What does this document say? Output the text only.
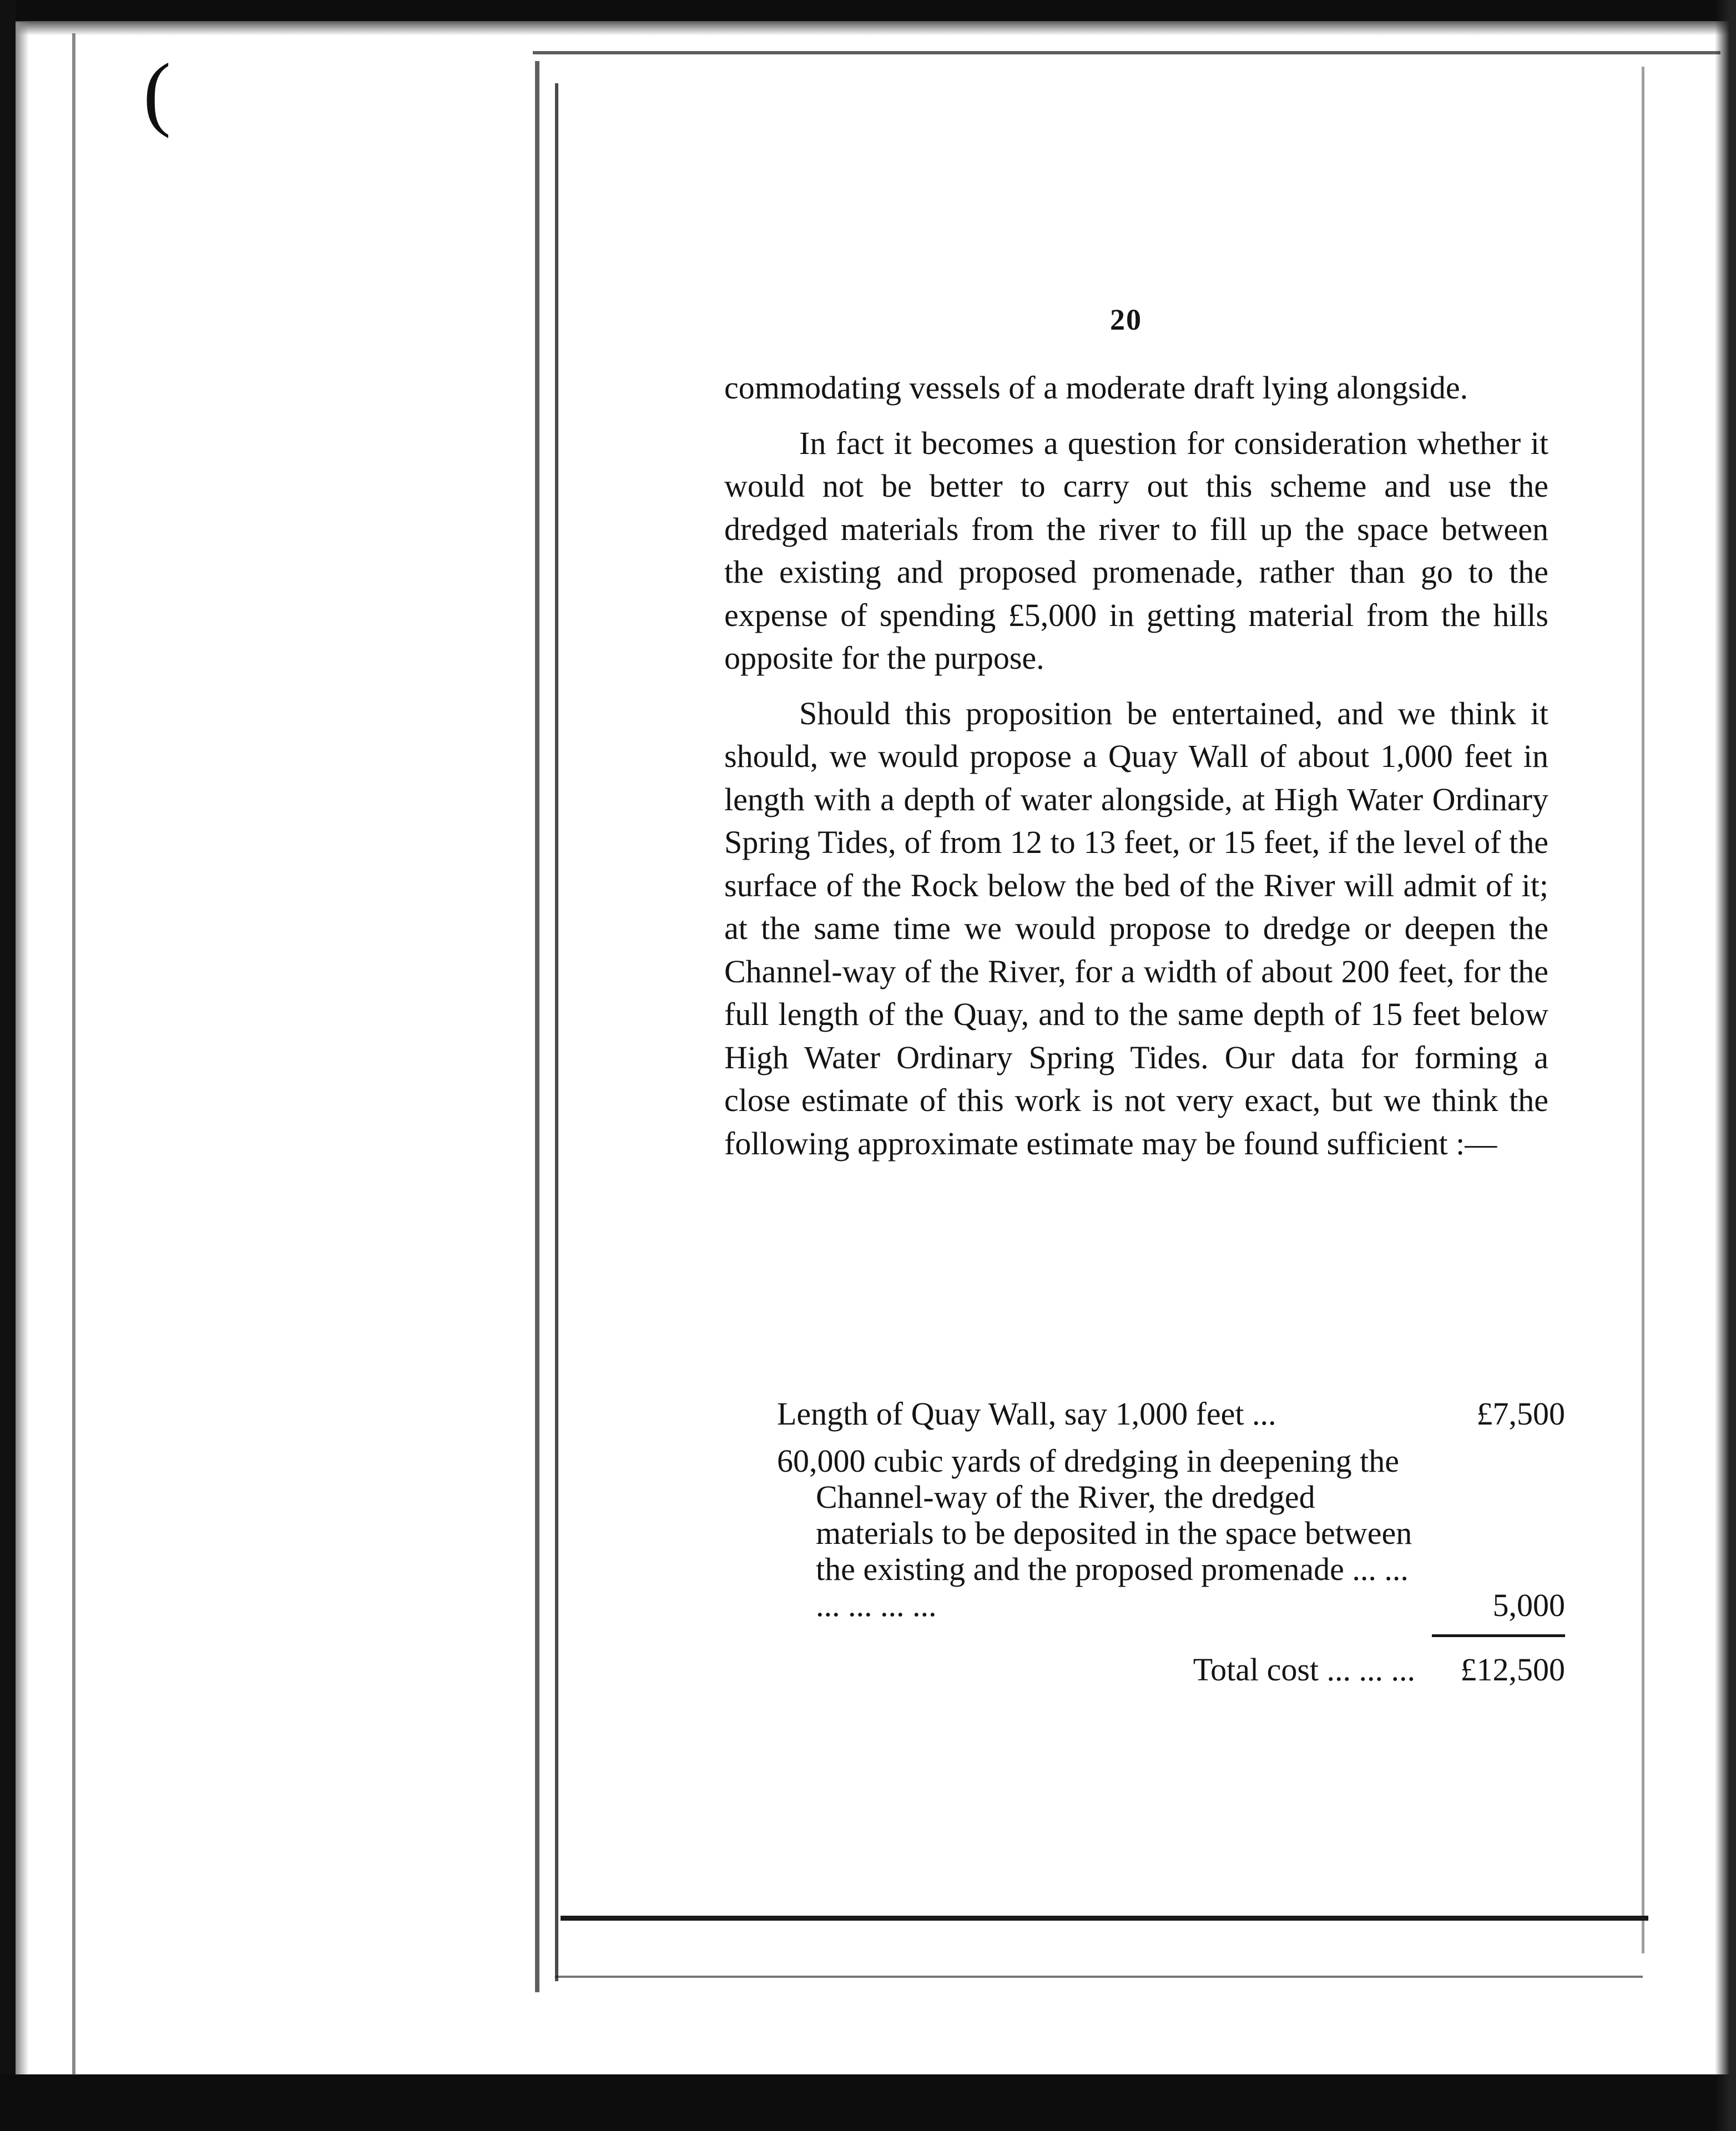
(
20

commodating vessels of a moderate draft lying alongside.

In fact it becomes a question for consideration whether it would not be better to carry out this scheme and use the dredged materials from the river to fill up the space between the existing and proposed promenade, rather than go to the expense of spending £5,000 in getting material from the hills opposite for the purpose.

Should this proposition be entertained, and we think it should, we would propose a Quay Wall of about 1,000 feet in length with a depth of water alongside, at High Water Ordinary Spring Tides, of from 12 to 13 feet, or 15 feet, if the level of the surface of the Rock below the bed of the River will admit of it; at the same time we would propose to dredge or deepen the Channel-way of the River, for a width of about 200 feet, for the full length of the Quay, and to the same depth of 15 feet below High Water Ordinary Spring Tides. Our data for forming a close estimate of this work is not very exact, but we think the following approximate estimate may be found sufficient :—

Length of Quay Wall, say 1,000 feet ...	£7,500
60,000 cubic yards of dredging in deepening the Channel-way of the River, the dredged materials to be deposited in the space between the existing and the proposed promenade ... ... ... ... ... ...	5,000
Total cost ... ... ...	£12,500
